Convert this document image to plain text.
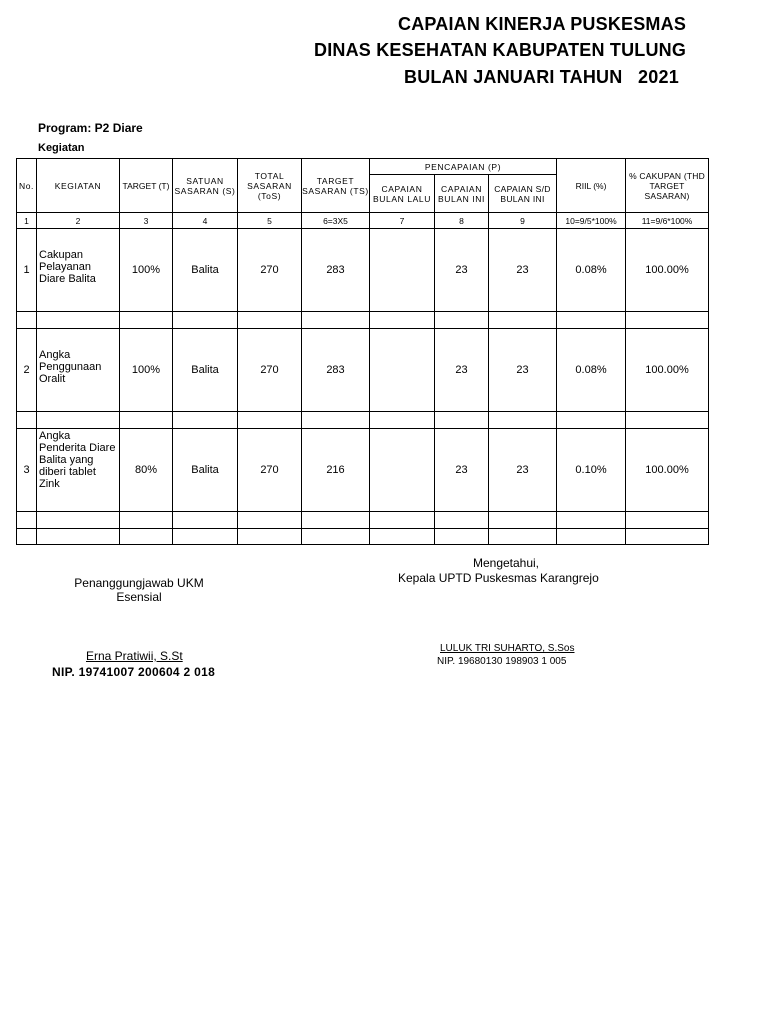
CAPAIAN KINERJA PUSKESMAS
DINAS KESEHATAN KABUPATEN TULUNG
BULAN JANUARI TAHUN   2021
Program: P2 Diare
Kegiatan
No.	KEGIATAN	TARGET (T)	SATUAN SASARAN (S)	TOTAL SASARAN (ToS)	TARGET SASARAN (TS)	PENCAPAIAN (P)			RIIL (%)	% CAKUPAN (THD TARGET SASARAN)
						CAPAIAN BULAN LALU	CAPAIAN BULAN INI	CAPAIAN S/D BULAN INI		
1	2	3	4	5	6=3X5	7	8	9	10=9/5*100%	11=9/6*100%
1	Cakupan Pelayanan Diare Balita	100%	Balita	270	283		23	23	0.08%	100.00%

2	Angka Penggunaan Oralit	100%	Balita	270	283		23	23	0.08%	100.00%

3	Angka Penderita Diare Balita yang diberi tablet Zink	80%	Balita	270	216		23	23	0.10%	100.00%

Mengetahui,
Kepala UPTD Puskesmas Karangrejo
Penanggungjawab UKM
Esensial
Erna Pratiwii, S.St
NIP. 19741007 200604 2 018
LULUK TRI SUHARTO, S.Sos
NIP. 19680130 198903 1 005
